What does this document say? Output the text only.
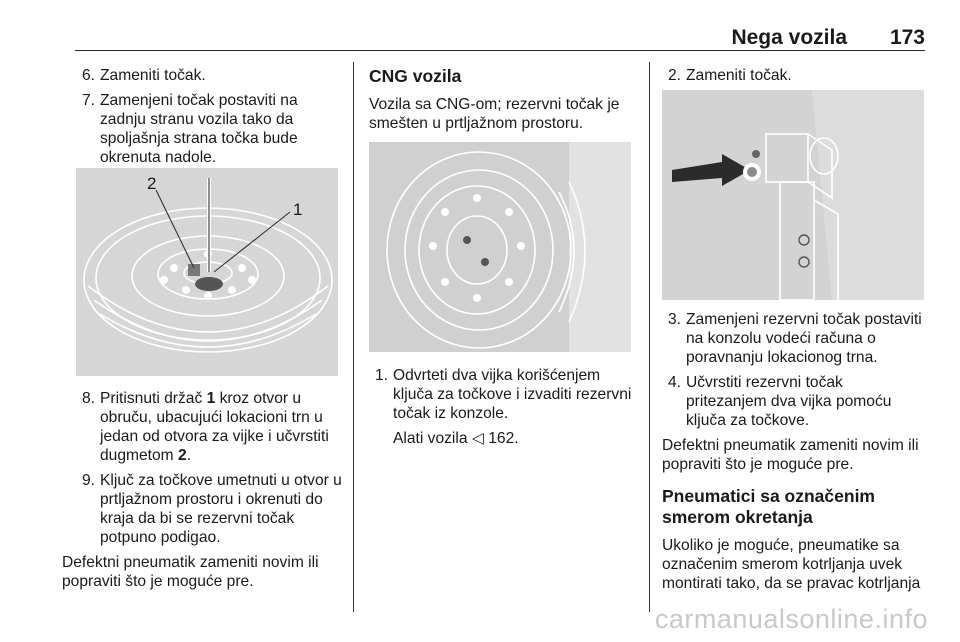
Nega vozila 173
6. Zameniti točak.
7. Zamenjeni točak postaviti na zadnju stranu vozila tako da spoljašnja strana točka bude okrenuta nadole.
2
1
8. Pritisnuti držač 1 kroz otvor u obruču, ubacujući lokacioni trn u jedan od otvora za vijke i učvrstiti dugmetom 2.
9. Ključ za točkove umetnuti u otvor u prtljažnom prostoru i okrenuti do kraja da bi se rezervni točak potpuno podigao.

Defektni pneumatik zameniti novim ili popraviti što je moguće pre.

CNG vozila

Vozila sa CNG-om; rezervni točak je smešten u prtljažnom prostoru.

1. Odvrteti dva vijka korišćenjem ključa za točkove i izvaditi rezervni točak iz konzole.

Alati vozila ◁ 162.

2. Zameniti točak.
3. Zamenjeni rezervni točak postaviti na konzolu vodeći računa o poravnanju lokacionog trna.
4. Učvrstiti rezervni točak pritezanjem dva vijka pomoću ključa za točkove.

Defektni pneumatik zameniti novim ili popraviti što je moguće pre.

Pneumatici sa označenim smerom okretanja

Ukoliko je moguće, pneumatike sa označenim smerom kotrljanja uvek montirati tako, da se pravac kotrljanja

carmanualsonline.info
